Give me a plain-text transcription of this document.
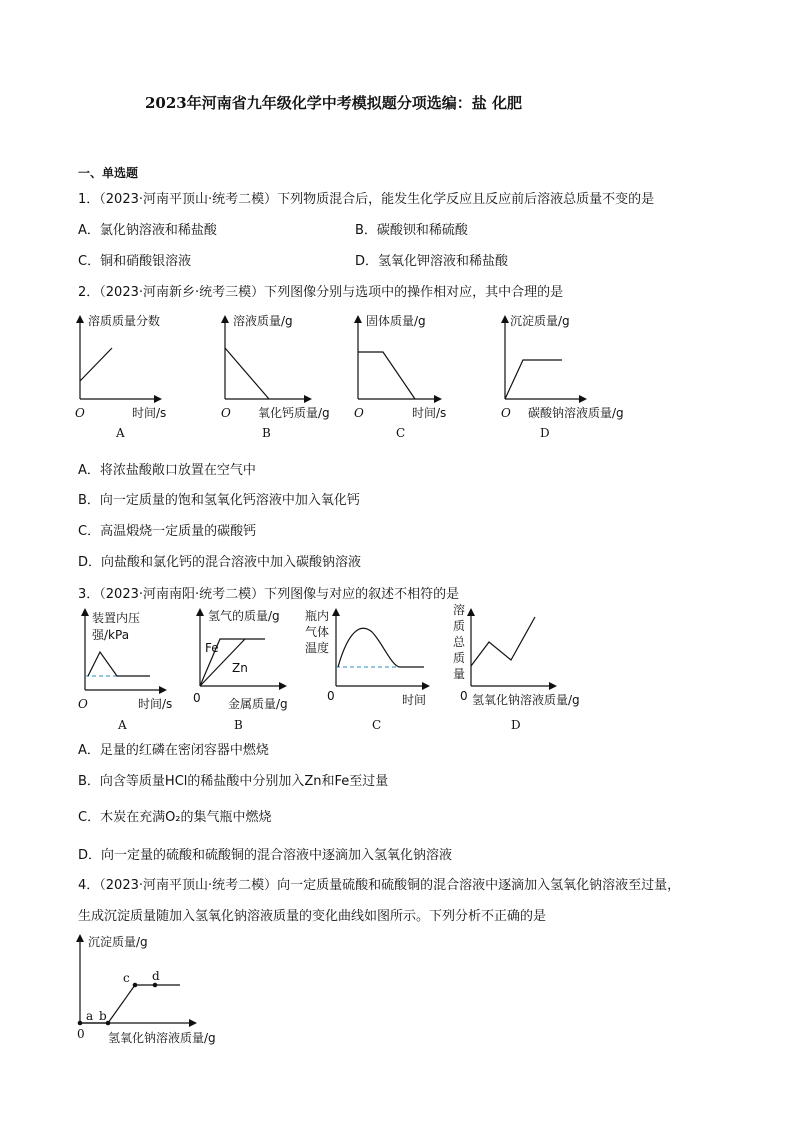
2023年河南省九年级化学中考模拟题分项选编：盐 化肥
一、单选题
1．（2023·河南平顶山·统考二模）下列物质混合后，能发生化学反应且反应前后溶液总质量不变的是
A．氯化钠溶液和稀盐酸	B．碳酸钡和稀硫酸
C．铜和硝酸银溶液	D．氢氧化钾溶液和稀盐酸
2．（2023·河南新乡·统考三模）下列图像分别与选项中的操作相对应，其中合理的是
溶质质量分数
O	时间/s
A
溶液质量/g
O 氧化钙质量/g
B
固体质量/g
O	时间/s
C
沉淀质量/g
O 碳酸钠溶液质量/g
D
A．将浓盐酸敞口放置在空气中
B．向一定质量的饱和氢氧化钙溶液中加入氧化钙
C．高温煅烧一定质量的碳酸钙
D．向盐酸和氯化钙的混合溶液中加入碳酸钠溶液
3．（2023·河南南阳·统考二模）下列图像与对应的叙述不相符的是
装置内压
强/kPa
O	时间/s
A
氢气的质量/g
Fe
Zn
0 金属质量/g
B
瓶内
气体
温度
0	时间
C
溶
质
总
质
量
0 氢氧化钠溶液质量/g
D
A．足量的红磷在密闭容器中燃烧
B．向含等质量HCl的稀盐酸中分别加入Zn和Fe至过量
C．木炭在充满O₂的集气瓶中燃烧
D．向一定量的硫酸和硫酸铜的混合溶液中逐滴加入氢氧化钠溶液
4．（2023·河南平顶山·统考二模）向一定质量硫酸和硫酸铜的混合溶液中逐滴加入氢氧化钠溶液至过量，
生成沉淀质量随加入氢氧化钠溶液质量的变化曲线如图所示。下列分析不正确的是
沉淀质量/g
a b
c d
0 氢氧化钠溶液质量/g
